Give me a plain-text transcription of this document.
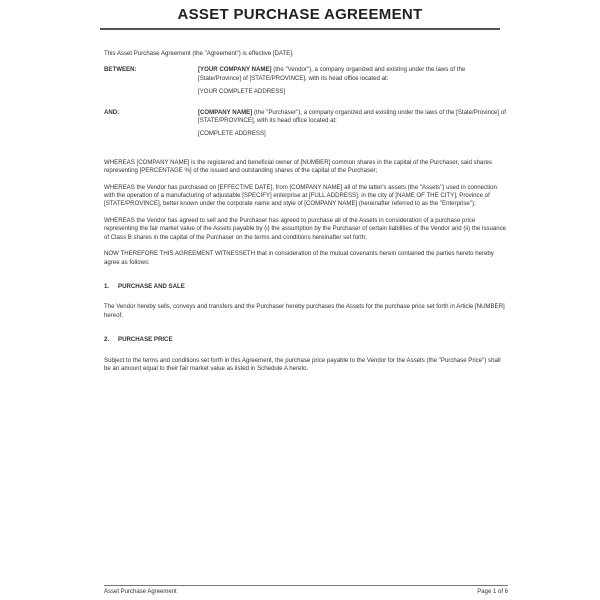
ASSET PURCHASE AGREEMENT

This Asset Purchase Agreement (the "Agreement") is effective [DATE].

BETWEEN:	[YOUR COMPANY NAME] (the "Vendor"), a company organized and existing under the laws of the [State/Province] of [STATE/PROVINCE], with its head office located at:
[YOUR COMPLETE ADDRESS]
AND:	[COMPANY NAME] (the "Purchaser"), a company organized and existing under the laws of the [State/Province] of [STATE/PROVINCE], with its head office located at:
[COMPLETE ADDRESS]

WHEREAS [COMPANY NAME] is the registered and beneficial owner of [NUMBER] common shares in the capital of the Purchaser, said shares representing [PERCENTAGE %] of the issued and outstanding shares of the capital of the Purchaser;

WHEREAS the Vendor has purchased on [EFFECTIVE DATE], from [COMPANY NAME] all of the latter's assets (the "Assets") used in connection with the operation of a manufacturing of adjustable [SPECIFY] enterprise at [FULL ADDRESS], in the city of [NAME OF THE CITY], Province of [STATE/PROVINCE], better known under the corporate name and style of [COMPANY NAME] (hereinafter referred to as the "Enterprise");

WHEREAS the Vendor has agreed to sell and the Purchaser has agreed to purchase all of the Assets in consideration of a purchase price representing the fair market value of the Assets payable by (i) the assumption by the Purchaser of certain liabilities of the Vendor and (ii) the issuance of Class B shares in the capital of the Purchaser on the terms and conditions hereinafter set forth;

NOW THEREFORE THIS AGREEMENT WITNESSETH that in consideration of the mutual covenants herein contained the parties hereto hereby agree as follows:

1. PURCHASE AND SALE

The Vendor hereby sells, conveys and transfers and the Purchaser hereby purchases the Assets for the purchase price set forth in Article [NUMBER] hereof.

2. PURCHASE PRICE

Subject to the terms and conditions set forth in this Agreement, the purchase price payable to the Vendor for the Assets (the "Purchase Price") shall be an amount equal to their fair market value as listed in Schedule A hereto.

Asset Purchase Agreement	Page 1 of 6
